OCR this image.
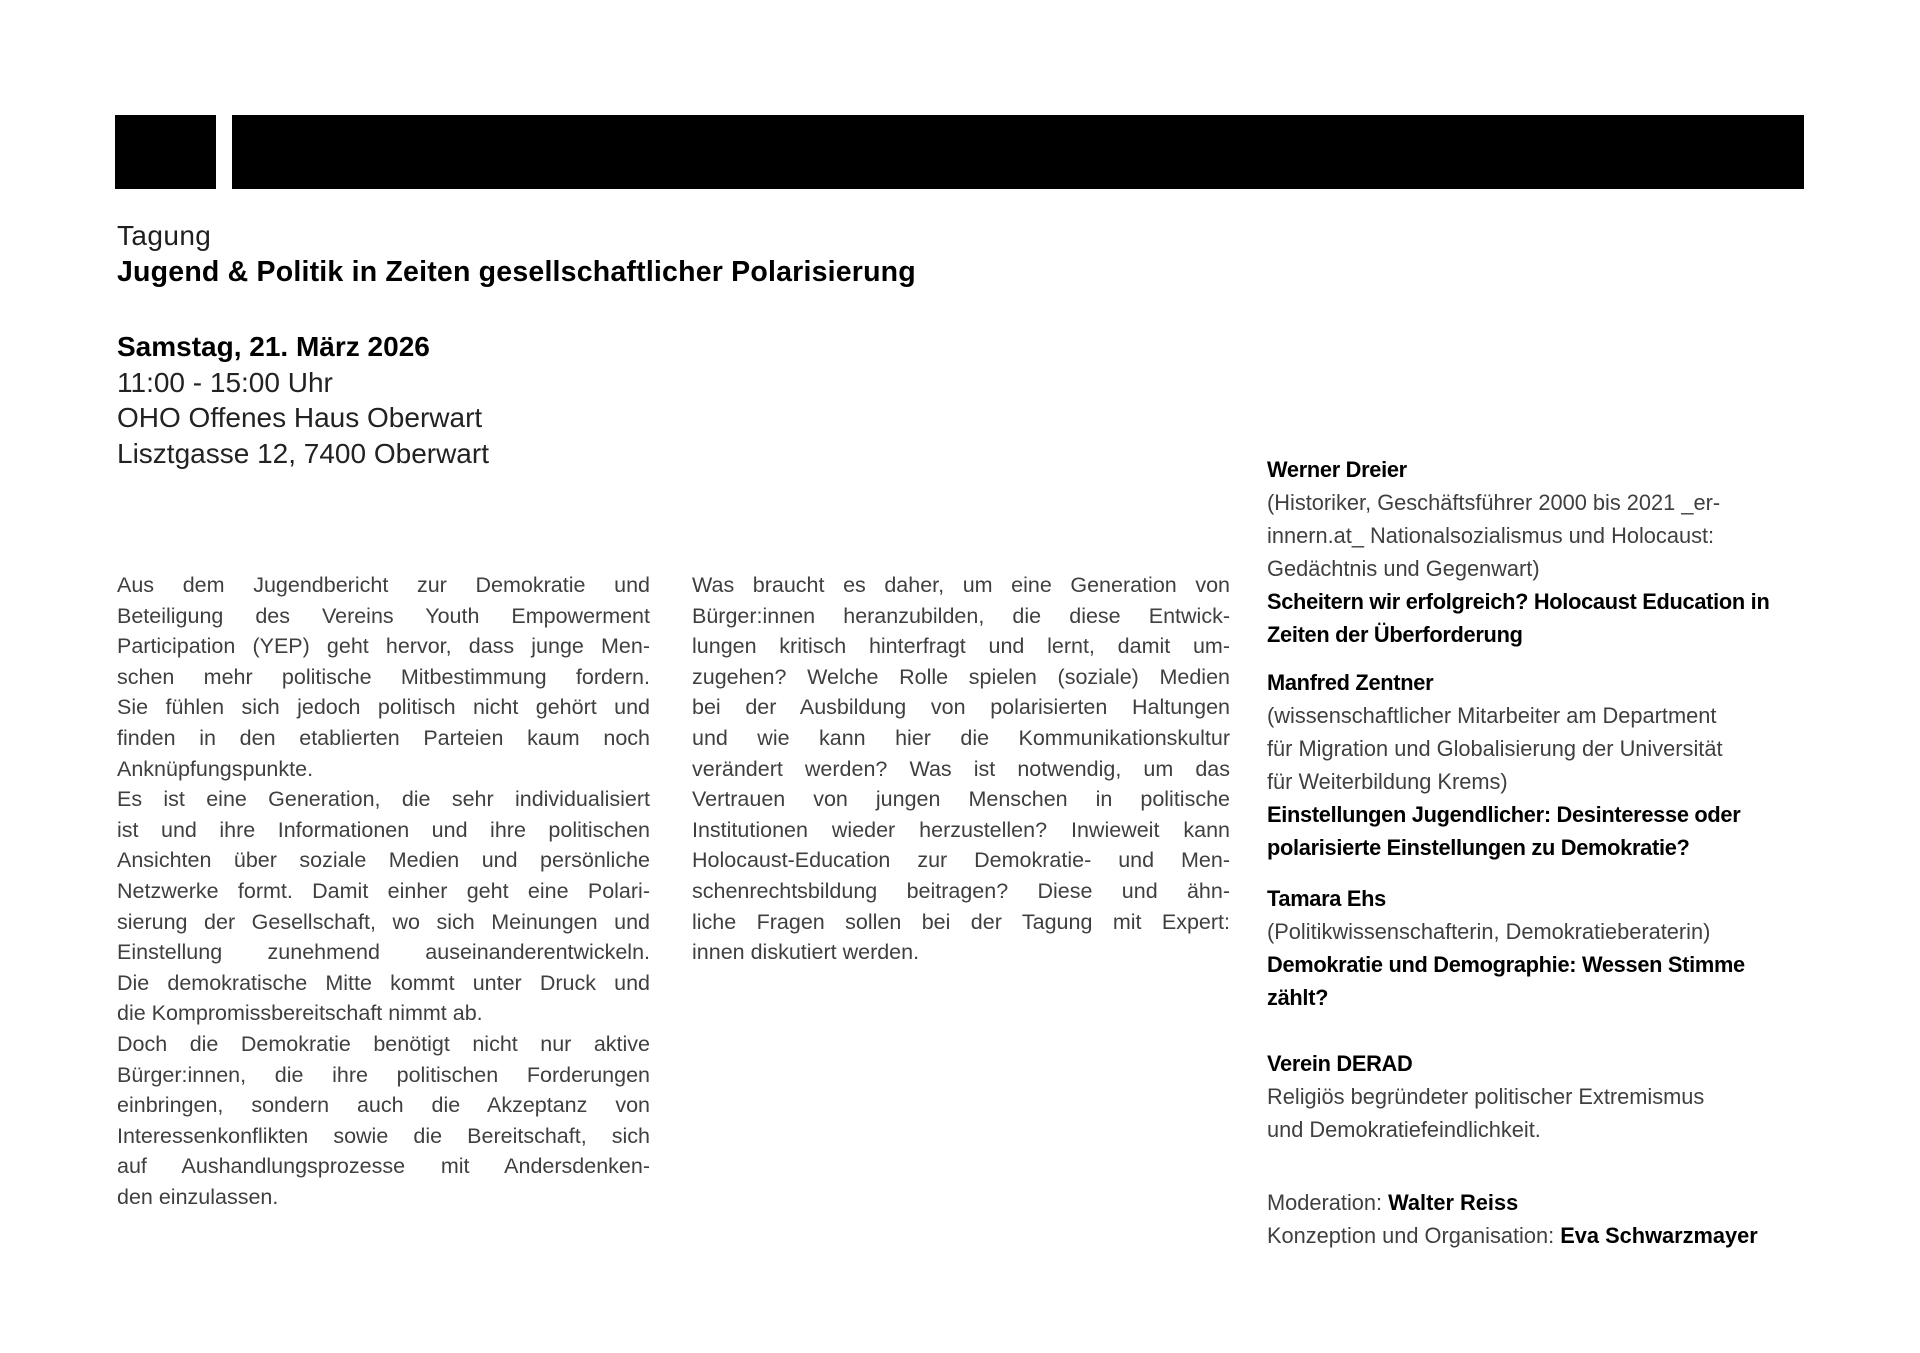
Tagung
Jugend & Politik in Zeiten gesellschaftlicher Polarisierung
Samstag, 21. März 2026
11:00 - 15:00 Uhr
OHO Offenes Haus Oberwart
Lisztgasse 12, 7400 Oberwart
Aus dem Jugendbericht zur Demokratie und
Beteiligung des Vereins Youth Empowerment
Participation (YEP) geht hervor, dass junge Men-
schen mehr politische Mitbestimmung fordern.
Sie fühlen sich jedoch politisch nicht gehört und
finden in den etablierten Parteien kaum noch
Anknüpfungspunkte.
Es ist eine Generation, die sehr individualisiert
ist und ihre Informationen und ihre politischen
Ansichten über soziale Medien und persönliche
Netzwerke formt. Damit einher geht eine Polari-
sierung der Gesellschaft, wo sich Meinungen und
Einstellung zunehmend auseinanderentwickeln.
Die demokratische Mitte kommt unter Druck und
die Kompromissbereitschaft nimmt ab.
Doch die Demokratie benötigt nicht nur aktive
Bürger:innen, die ihre politischen Forderungen
einbringen, sondern auch die Akzeptanz von
Interessenkonflikten sowie die Bereitschaft, sich
auf Aushandlungsprozesse mit Andersdenken-
den einzulassen.
Was braucht es daher, um eine Generation von
Bürger:innen heranzubilden, die diese Entwick-
lungen kritisch hinterfragt und lernt, damit um-
zugehen? Welche Rolle spielen (soziale) Medien
bei der Ausbildung von polarisierten Haltungen
und wie kann hier die Kommunikationskultur
verändert werden? Was ist notwendig, um das
Vertrauen von jungen Menschen in politische
Institutionen wieder herzustellen? Inwieweit kann
Holocaust-Education zur Demokratie- und Men-
schenrechtsbildung beitragen? Diese und ähn-
liche Fragen sollen bei der Tagung mit Expert:
innen diskutiert werden.
Werner Dreier
(Historiker, Geschäftsführer 2000 bis 2021 _er-
innern.at_ Nationalsozialismus und Holocaust:
Gedächtnis und Gegenwart)
Scheitern wir erfolgreich? Holocaust Education in
Zeiten der Überforderung
Manfred Zentner
(wissenschaftlicher Mitarbeiter am Department
für Migration und Globalisierung der Universität
für Weiterbildung Krems)
Einstellungen Jugendlicher: Desinteresse oder
polarisierte Einstellungen zu Demokratie?
Tamara Ehs
(Politikwissenschafterin, Demokratieberaterin)
Demokratie und Demographie: Wessen Stimme
zählt?
Verein DERAD
Religiös begründeter politischer Extremismus
und Demokratiefeindlichkeit.
Moderation: Walter Reiss
Konzeption und Organisation: Eva Schwarzmayer
